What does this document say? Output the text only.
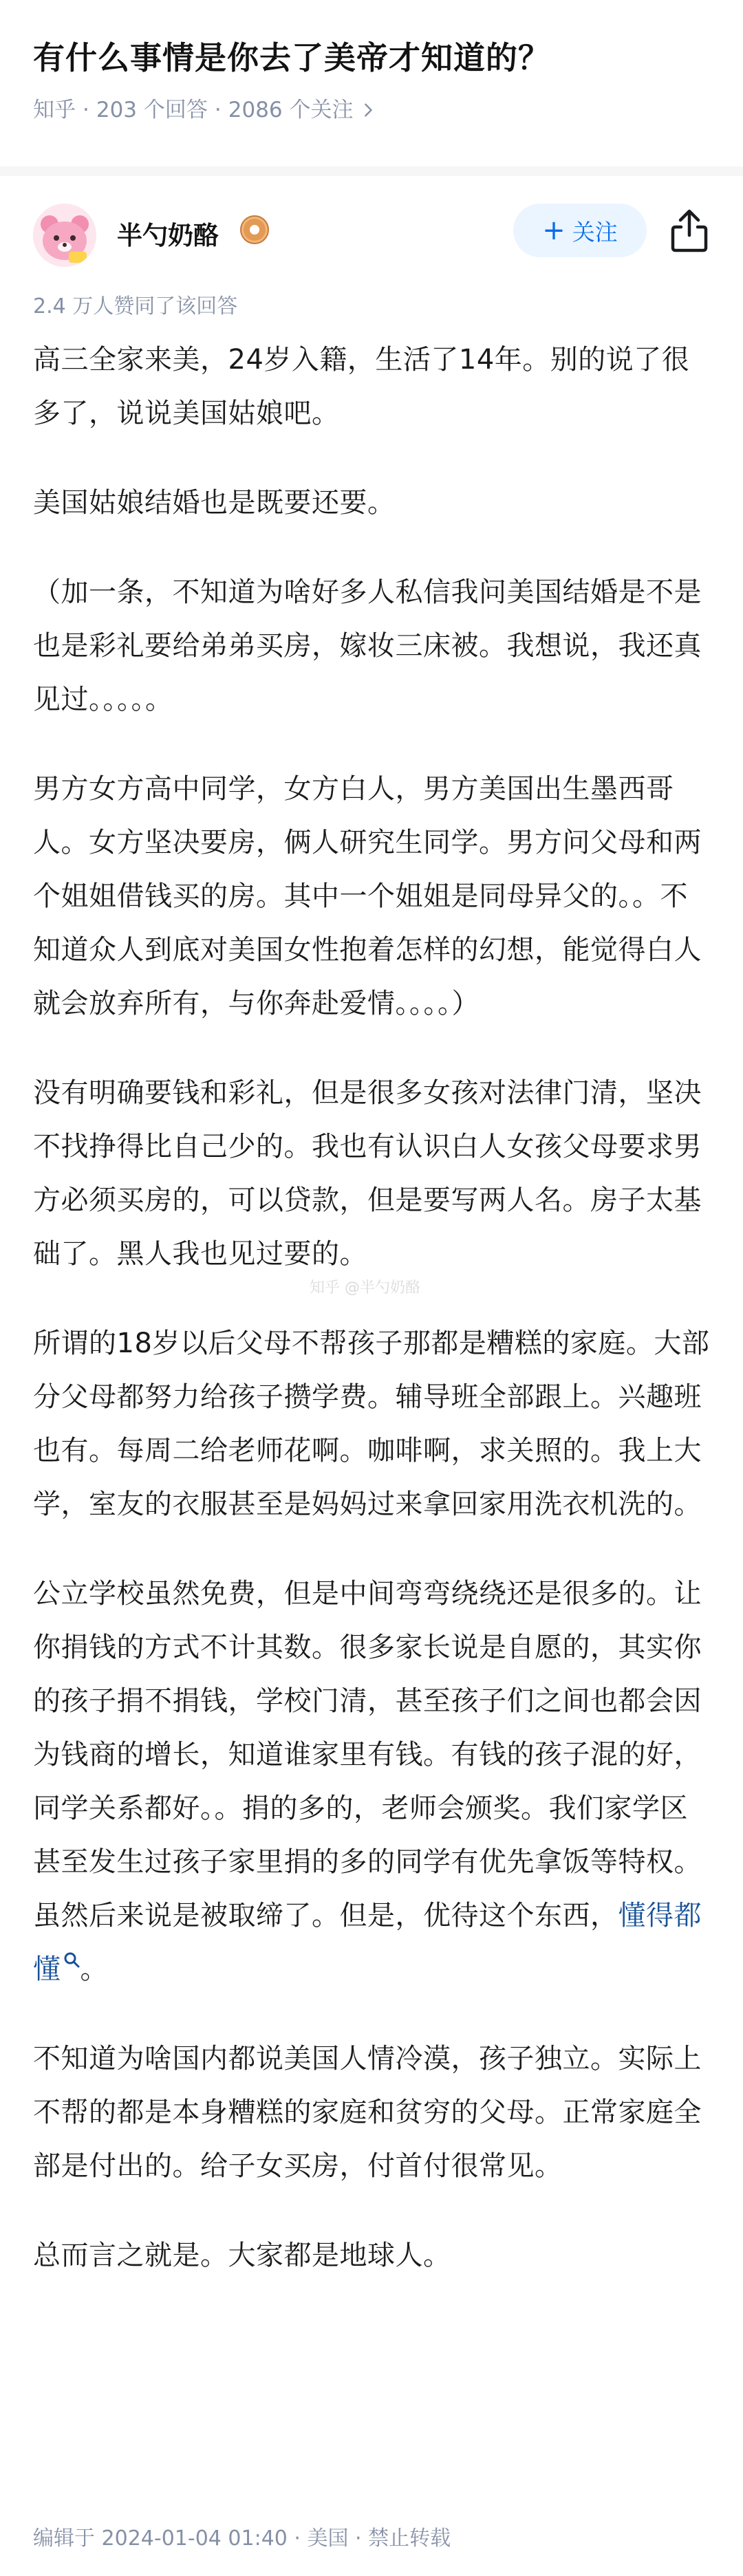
有什么事情是你去了美帝才知道的？
知乎 · 203 个回答 · 2086 个关注
半勺奶酪	+ 关注
2.4 万人赞同了该回答

高三全家来美，24岁入籍，生活了14年。别的说了很多了，说说美国姑娘吧。

美国姑娘结婚也是既要还要。

（加一条，不知道为啥好多人私信我问美国结婚是不是也是彩礼要给弟弟买房，嫁妆三床被。我想说，我还真见过。。。。。

男方女方高中同学，女方白人，男方美国出生墨西哥人。女方坚决要房，俩人研究生同学。男方问父母和两个姐姐借钱买的房。其中一个姐姐是同母异父的。。不知道众人到底对美国女性抱着怎样的幻想，能觉得白人就会放弃所有，与你奔赴爱情。。。。）

没有明确要钱和彩礼，但是很多女孩对法律门清，坚决不找挣得比自己少的。我也有认识白人女孩父母要求男方必须买房的，可以贷款，但是要写两人名。房子太基础了。黑人我也见过要的。

所谓的18岁以后父母不帮孩子那都是糟糕的家庭。大部分父母都努力给孩子攒学费。辅导班全部跟上。兴趣班也有。每周二给老师花啊。咖啡啊，求关照的。我上大学，室友的衣服甚至是妈妈过来拿回家用洗衣机洗的。

公立学校虽然免费，但是中间弯弯绕绕还是很多的。让你捐钱的方式不计其数。很多家长说是自愿的，其实你的孩子捐不捐钱，学校门清，甚至孩子们之间也都会因为钱商的增长，知道谁家里有钱。有钱的孩子混的好，同学关系都好。。捐的多的，老师会颁奖。我们家学区甚至发生过孩子家里捐的多的同学有优先拿饭等特权。 虽然后来说是被取缔了。但是，优待这个东西，懂得都懂 。

不知道为啥国内都说美国人情冷漠，孩子独立。实际上不帮的都是本身糟糕的家庭和贫穷的父母。正常家庭全部是付出的。给子女买房，付首付很常见。

总而言之就是。大家都是地球人。

知乎 @半勺奶酪
编辑于 2024-01-04 01:40 · 美国 · 禁止转载
